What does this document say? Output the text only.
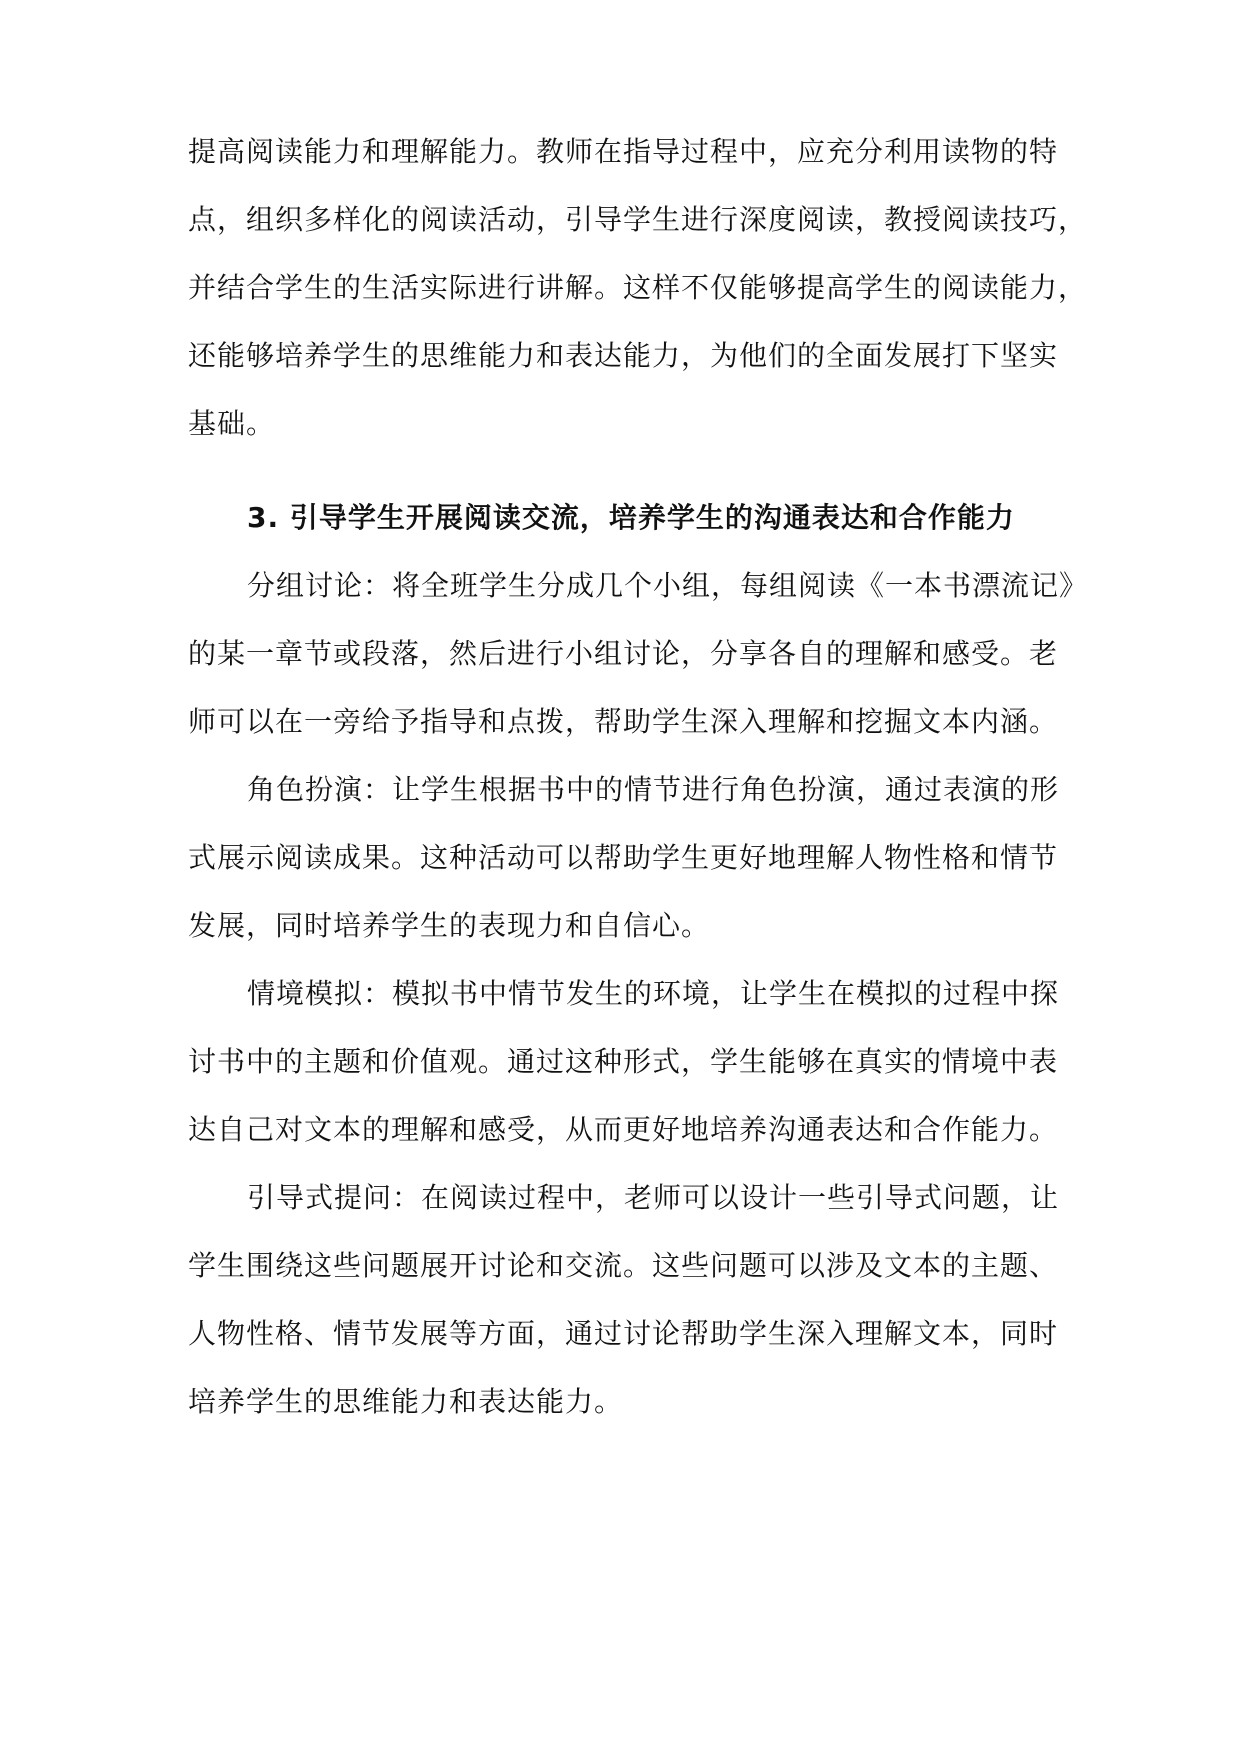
提高阅读能力和理解能力。教师在指导过程中，应充分利用读物的特
点，组织多样化的阅读活动，引导学生进行深度阅读，教授阅读技巧，
并结合学生的生活实际进行讲解。这样不仅能够提高学生的阅读能力，
还能够培养学生的思维能力和表达能力，为他们的全面发展打下坚实
基础。
3. 引导学生开展阅读交流，培养学生的沟通表达和合作能力
分组讨论：将全班学生分成几个小组，每组阅读《一本书漂流记》
的某一章节或段落，然后进行小组讨论，分享各自的理解和感受。老
师可以在一旁给予指导和点拨，帮助学生深入理解和挖掘文本内涵。
角色扮演：让学生根据书中的情节进行角色扮演，通过表演的形
式展示阅读成果。这种活动可以帮助学生更好地理解人物性格和情节
发展，同时培养学生的表现力和自信心。
情境模拟：模拟书中情节发生的环境，让学生在模拟的过程中探
讨书中的主题和价值观。通过这种形式，学生能够在真实的情境中表
达自己对文本的理解和感受，从而更好地培养沟通表达和合作能力。
引导式提问：在阅读过程中，老师可以设计一些引导式问题，让
学生围绕这些问题展开讨论和交流。这些问题可以涉及文本的主题、
人物性格、情节发展等方面，通过讨论帮助学生深入理解文本，同时
培养学生的思维能力和表达能力。
